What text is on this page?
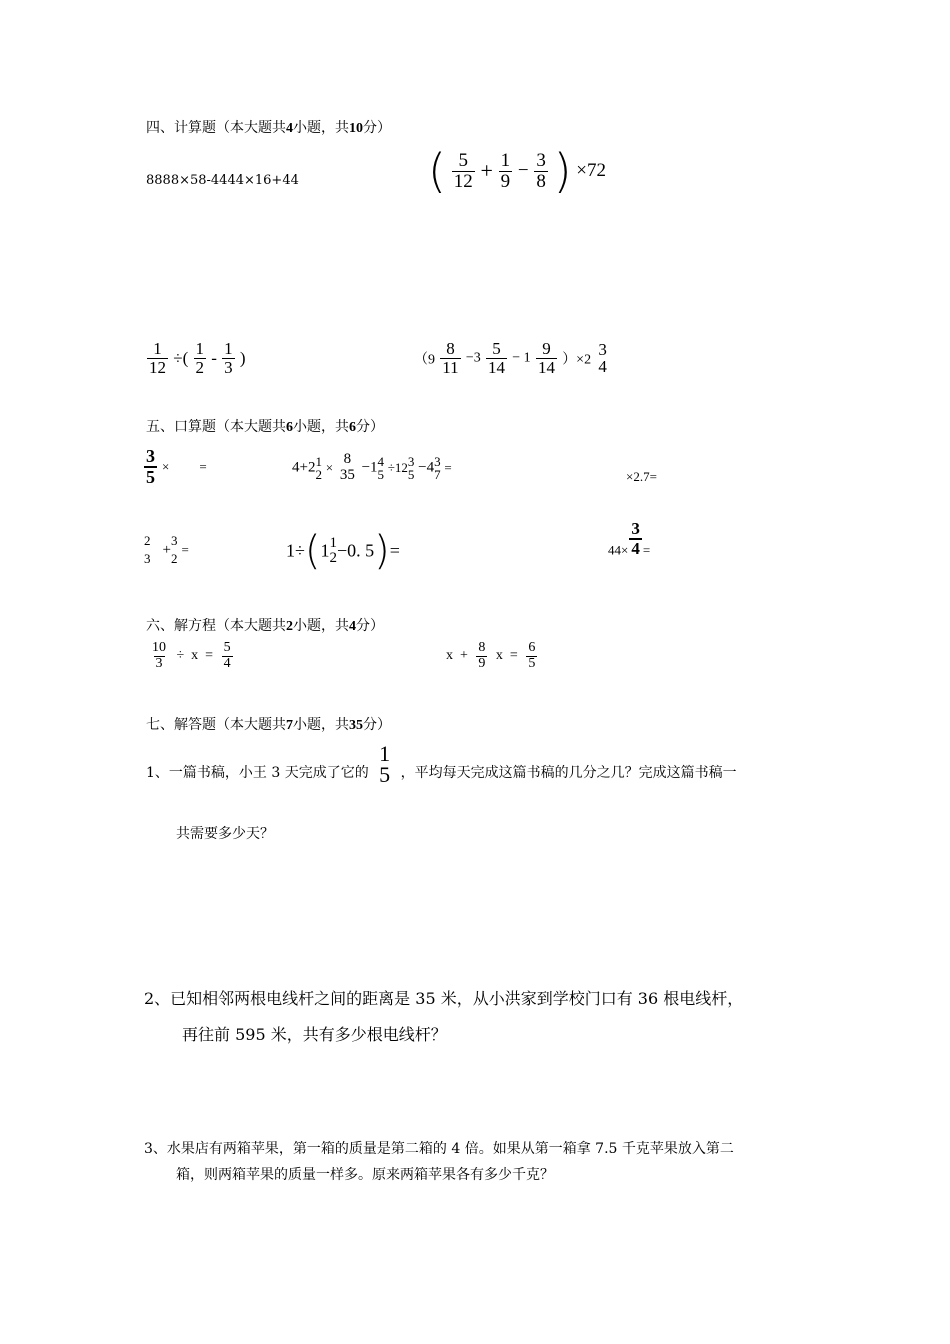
四、计算题（本大题共4小题，共10分）
8888×58-4444×16+44	( $\frac{5}{12} + \frac{1}{9} - \frac{3}{8}$ ) ×72
$\frac{1}{12}$ ÷( $\frac{1}{2} - \frac{1}{3}$ )	$(9 \frac{8}{11} -3 \frac{5}{14} - 1 \frac{9}{14} )\times 2$
3
4
五、口算题（本大题共6小题，共6分）
$\frac{3}{5}$ × =	4+2 1
2 ×
8
35 −1 4
5 ÷12 3
5 −4 3
7 =
×2.7=
2
3
+
3
2
=	1÷(1 1
2 −0. 5)=	$_{44\times} \frac{3}{4} _=$
六、解方程（本大题共2小题，共4分）
$\frac{10}{3} \div x = \frac{5}{4}$	$x + \frac{8}{9}$ $x = \frac{6}{5}$
七、解答题（本大题共7小题，共35分）
1、一篇书稿，小王 3 天完成了它的
1
5 ，平均每天完成这篇书稿的几分之几？完成这篇书稿一
共需要多少天？
2、已知相邻两根电线杆之间的距离是 35 米，从小洪家到学校门口有 36 根电线杆，
再往前 595 米，共有多少根电线杆？
3、水果店有两箱苹果，第一箱的质量是第二箱的 4 倍。如果从第一箱拿 7.5 千克苹果放入第二
箱，则两箱苹果的质量一样多。原来两箱苹果各有多少千克？
